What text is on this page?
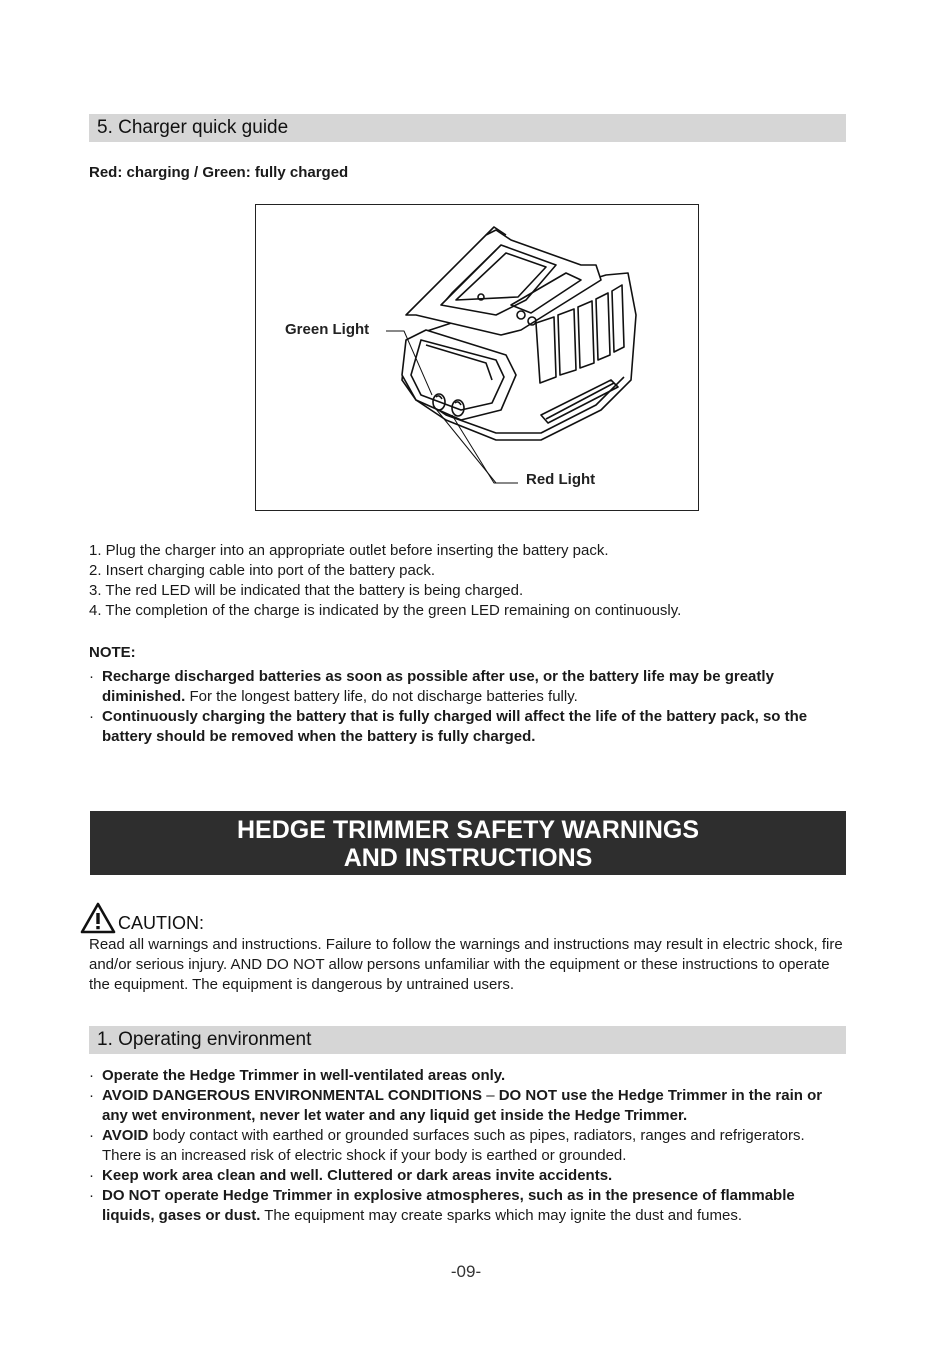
5. Charger quick guide
Red: charging / Green: fully charged
Green Light
Red Light
1. Plug the charger into an appropriate outlet before inserting the battery pack.
2. Insert charging cable into port of the battery pack.
3. The red LED will be indicated that the battery is being charged.
4. The completion of the charge is indicated by the green LED remaining on continuously.
NOTE:
· Recharge discharged batteries as soon as possible after use, or the battery life may be greatly diminished. For the longest battery life, do not discharge batteries fully.
· Continuously charging the battery that is fully charged will affect the life of the battery pack, so the battery should be removed when the battery is fully charged.
HEDGE TRIMMER SAFETY WARNINGS
AND INSTRUCTIONS
CAUTION:
Read all warnings and instructions. Failure to follow the warnings and instructions may result in electric shock, fire and/or serious injury. AND DO NOT allow persons unfamiliar with the equipment or these instructions to operate the equipment. The equipment is dangerous by untrained users.
1. Operating environment
· Operate the Hedge Trimmer in well-ventilated areas only.
· AVOID DANGEROUS ENVIRONMENTAL CONDITIONS – DO NOT use the Hedge Trimmer in the rain or any wet environment, never let water and any liquid get inside the Hedge Trimmer.
· AVOID body contact with earthed or grounded surfaces such as pipes, radiators, ranges and refrigerators. There is an increased risk of electric shock if your body is earthed or grounded.
· Keep work area clean and well. Cluttered or dark areas invite accidents.
· DO NOT operate Hedge Trimmer in explosive atmospheres, such as in the presence of flammable liquids, gases or dust. The equipment may create sparks which may ignite the dust and fumes.
-09-
